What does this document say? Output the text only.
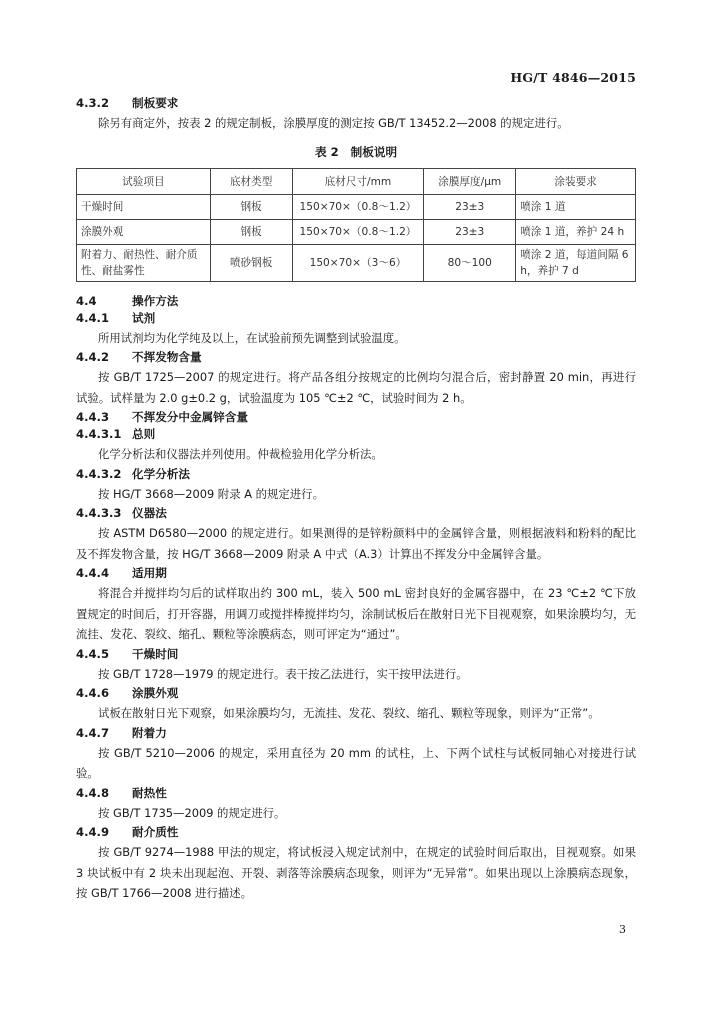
HG/T 4846—2015
4.3.2 制板要求

除另有商定外，按表 2 的规定制板，涂膜厚度的测定按 GB/T 13452.2—2008 的规定进行。

表 2 制板说明
试验项目	底材类型	底材尺寸/mm	涂膜厚度/μm	涂装要求
干燥时间	钢板	150×70×（0.8～1.2）	23±3	喷涂 1 道
涂膜外观	钢板	150×70×（0.8～1.2）	23±3	喷涂 1 道，养护 24 h
附着力、耐热性、耐介质性、耐盐雾性	喷砂钢板	150×70×（3～6）	80～100	喷涂 2 道，每道间隔 6 h，养护 7 d
4.4	操作方法
4.4.1 试剂

所用试剂均为化学纯及以上，在试验前预先调整到试验温度。

4.4.2 不挥发物含量

按 GB/T 1725—2007 的规定进行。将产品各组分按规定的比例均匀混合后，密封静置 20 min，再进行试验。试样量为 2.0 g±0.2 g，试验温度为 105 ℃±2 ℃，试验时间为 2 h。

4.4.3 不挥发分中金属锌含量
4.4.3.1 总则

化学分析法和仪器法并列使用。仲裁检验用化学分析法。

4.4.3.2 化学分析法

按 HG/T 3668—2009 附录 A 的规定进行。

4.4.3.3 仪器法

按 ASTM D6580—2000 的规定进行。如果测得的是锌粉颜料中的金属锌含量，则根据液料和粉料的配比及不挥发物含量，按 HG/T 3668—2009 附录 A 中式（A.3）计算出不挥发分中金属锌含量。

4.4.4 适用期

将混合并搅拌均匀后的试样取出约 300 mL，装入 500 mL 密封良好的金属容器中，在 23 ℃±2 ℃下放置规定的时间后，打开容器，用调刀或搅拌棒搅拌均匀，涂制试板后在散射日光下目视观察，如果涂膜均匀，无流挂、发花、裂纹、缩孔、颗粒等涂膜病态，则可评定为“通过”。

4.4.5 干燥时间

按 GB/T 1728—1979 的规定进行。表干按乙法进行，实干按甲法进行。

4.4.6 涂膜外观

试板在散射日光下观察，如果涂膜均匀，无流挂、发花、裂纹、缩孔、颗粒等现象，则评为“正常”。

4.4.7 附着力

按 GB/T 5210—2006 的规定，采用直径为 20 mm 的试柱，上、下两个试柱与试板同轴心对接进行试验。

4.4.8 耐热性

按 GB/T 1735—2009 的规定进行。

4.4.9 耐介质性

按 GB/T 9274—1988 甲法的规定，将试板浸入规定试剂中，在规定的试验时间后取出，目视观察。如果 3 块试板中有 2 块未出现起泡、开裂、剥落等涂膜病态现象，则评为“无异常”。如果出现以上涂膜病态现象，按 GB/T 1766—2008 进行描述。

3
